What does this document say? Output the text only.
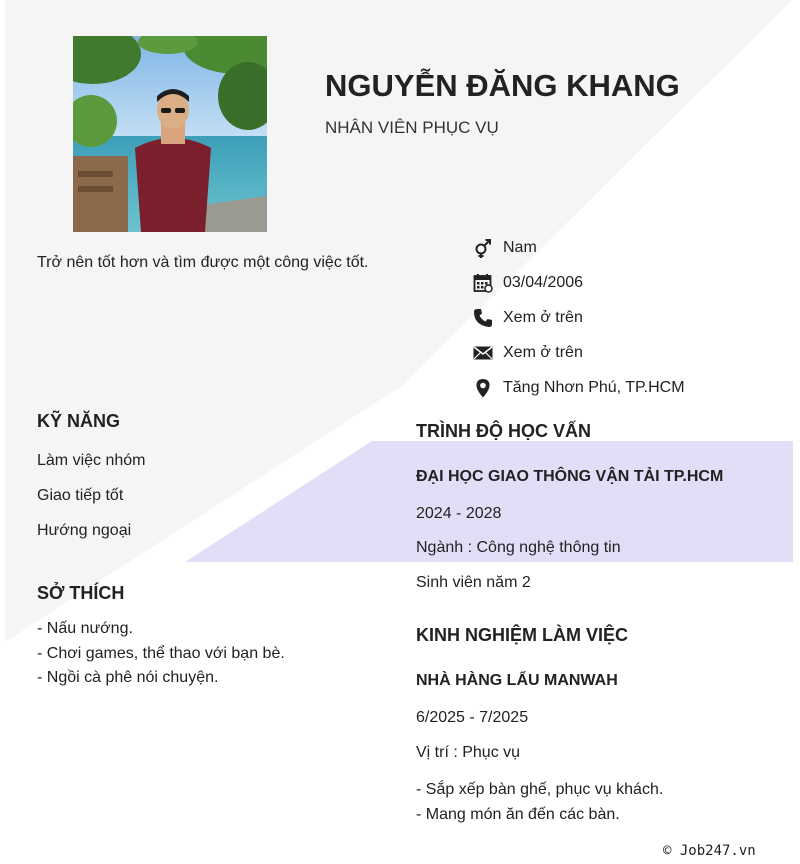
NGUYỄN ĐĂNG KHANG
NHÂN VIÊN PHỤC VỤ
Trở nên tốt hơn và tìm được một công việc tốt.
Nam
03/04/2006
Xem ở trên
Xem ở trên
Tăng Nhơn Phú, TP.HCM
KỸ NĂNG
Làm việc nhóm
Giao tiếp tốt
Hướng ngoại
SỞ THÍCH
- Nấu nướng.
- Chơi games, thể thao với bạn bè.
- Ngồi cà phê nói chuyện.
TRÌNH ĐỘ HỌC VẤN
ĐẠI HỌC GIAO THÔNG VẬN TẢI TP.HCM
2024 - 2028
Ngành : Công nghệ thông tin
Sinh viên năm 2
KINH NGHIỆM LÀM VIỆC
NHÀ HÀNG LẨU MANWAH
6/2025 - 7/2025
Vị trí : Phục vụ
- Sắp xếp bàn ghế, phục vụ khách.
- Mang món ăn đến các bàn.
© Job247.vn
